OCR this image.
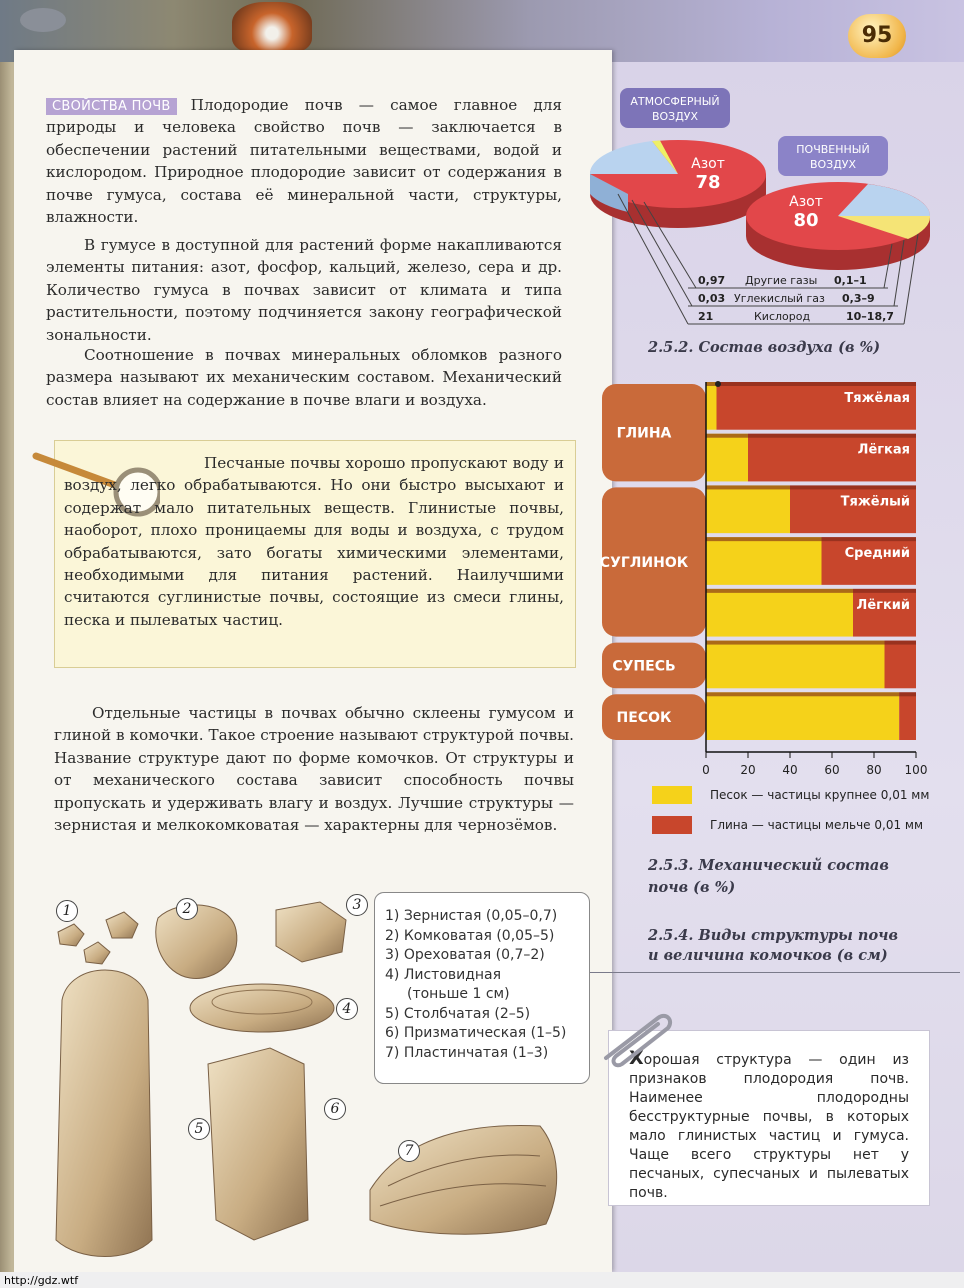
95

СВОЙСТВА ПОЧВ Плодородие почв — самое главное для природы и человека свойство почв — заключается в обеспечении растений питательными веществами, водой и кислородом. Природное плодородие зависит от содержания в почве гумуса, состава её минеральной части, структуры, влажности.

В гумусе в доступной для растений форме накапливаются элементы питания: азот, фосфор, кальций, железо, сера и др. Количество гумуса в почвах зависит от климата и типа растительности, поэтому подчиняется закону географической зональности.
Соотношение в почвах минеральных обломков разного размера называют их механическим составом. Механический состав влияет на содержание в почве влаги и воздуха.
Песчаные почвы хорошо пропускают воду и воздух, легко обрабатываются. Но они быстро высыхают и содержат мало питательных веществ. Глинистые почвы, наоборот, плохо проницаемы для воды и воздуха, с трудом обрабатываются, зато богаты химическими элементами, необходимыми для питания растений. Наилучшими считаются суглинистые почвы, состоящие из смеси глины, песка и пылеватых частиц.
Отдельные частицы в почвах обычно склеены гумусом и глиной в комочки. Такое строение называют структурой почвы. Название структуре дают по форме комочков. От структуры и от механического состава зависит способность почвы пропускать и удерживать влагу и воздух. Лучшие структуры — зернистая и мелкокомковатая — характерны для чернозёмов.
АТМОСФЕРНЫЙ
ВОЗДУХ
ПОЧВЕННЫЙ
ВОЗДУХ
Азот
78
Азот
80
0,97 Другие газы 0,1–1
0,03 Углекислый газ 0,3–9
21	Кислород	10–18,7
2.5.2. Состав воздуха (в %)
ГЛИНА
СУГЛИНОК
СУПЕСЬ
ПЕСОК
Тяжёлая
Лёгкая
Тяжёлый
Средний
Лёгкий
0	20 40 60 80 100
Песок — частицы крупнее 0,01 мм
Глина — частицы мельче 0,01 мм
2.5.3. Механический состав
почв (в %)
2.5.4. Виды структуры почв
и величина комочков (в см)
1	2	3
4
5
6
7
1) Зернистая (0,05–0,7)
2) Комковатая (0,05–5)
3) Ореховатая (0,7–2)
4) Листовидная
(тоньше 1 см)
5) Столбчатая (2–5)
6) Призматическая (1–5)
7) Пластинчатая (1–3)	Хорошая структура — один из признаков плодородия почв. Наименее плодородны бесструктурные почвы, в которых мало глинистых частиц и гумуса. Чаще всего структуры нет у песчаных, супесчаных и пылеватых почв.
http://gdz.wtf
